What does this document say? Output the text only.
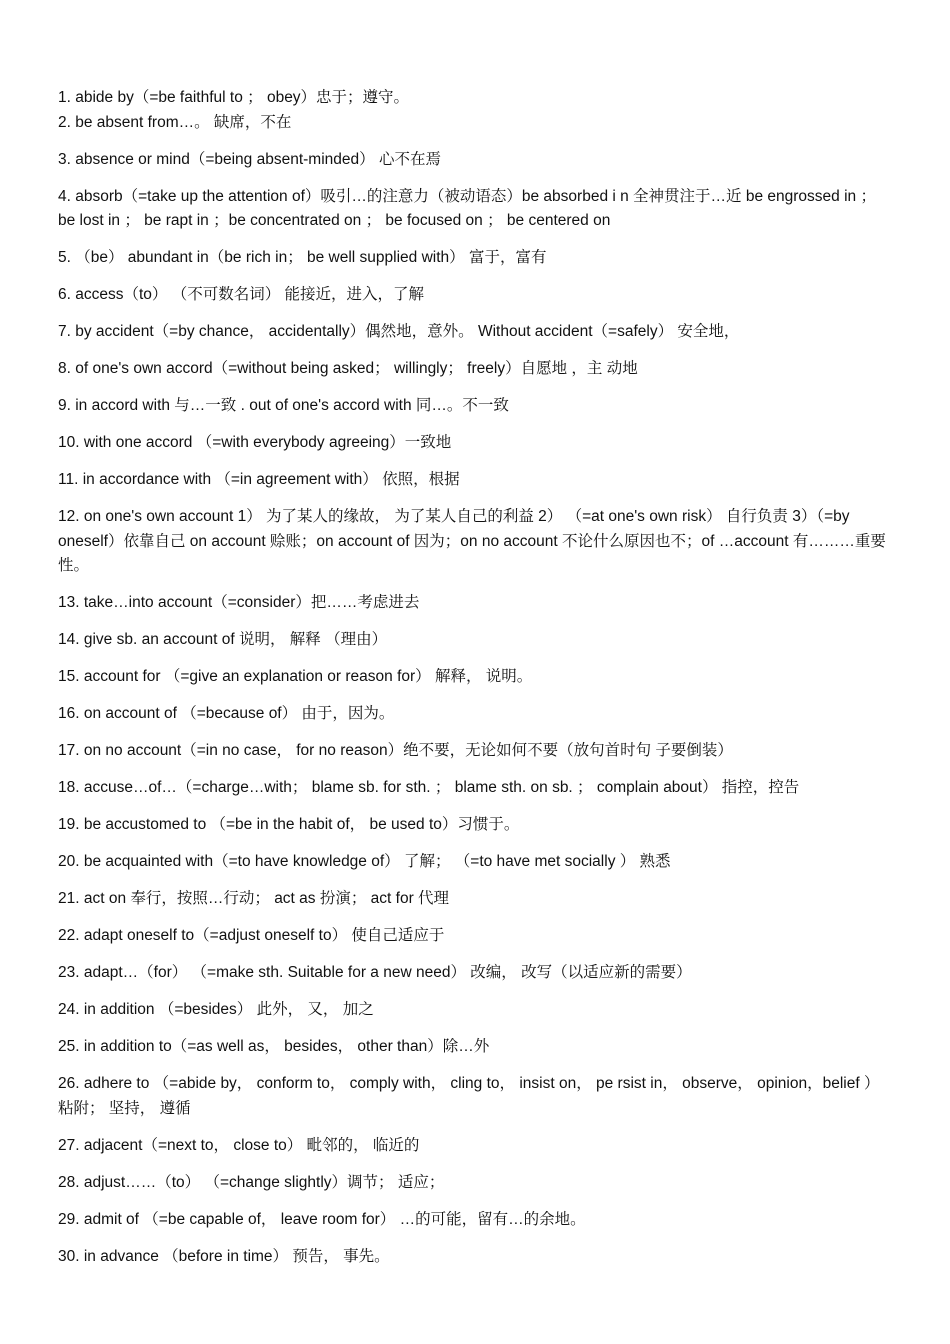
1. abide by（=be faithful to ； obey）忠于；遵守。
2. be absent from…。 缺席，不在
3. absence or mind（=being absent-minded） 心不在焉
4. absorb（=take up the attention of）吸引…的注意力（被动语态）be absorbed i n 全神贯注于…近 be engrossed in ； be lost in ； be rapt in ；be concentrated on ； be focused on ； be centered on
5. （be） abundant in（be rich in； be well supplied with） 富于，富有
6. access（to） （不可数名词） 能接近，进入，了解
7. by accident（=by chance， accidentally）偶然地，意外。 Without accident（=safely） 安全地，
8. of one's own accord（=without being asked； willingly； freely）自愿地 ，主 动地
9. in accord with 与…一致 . out of one's accord with 同…。不一致
10. with one accord （=with everybody agreeing）一致地
11. in accordance with （=in agreement with） 依照，根据
12. on one's own account 1） 为了某人的缘故， 为了某人自己的利益 2） （=at one's own risk） 自行负责 3）（=by oneself）依靠自己 on account 赊账；on account of 因为；on no account 不论什么原因也不；of …account 有………重要性。
13. take…into account（=consider）把……考虑进去
14. give sb. an account of 说明， 解释 （理由）
15. account for （=give an explanation or reason for） 解释， 说明。
16. on account of （=because of） 由于，因为。
17. on no account（=in no case， for no reason）绝不要，无论如何不要（放句首时句 子要倒装）
18. accuse…of…（=charge…with； blame sb. for sth. ； blame sth. on sb. ； complain about） 指控，控告
19. be accustomed to （=be in the habit of， be used to）习惯于。
20. be acquainted with（=to have knowledge of） 了解； （=to have met socially ） 熟悉
21. act on 奉行，按照…行动； act as 扮演； act for 代理
22. adapt oneself to（=adjust oneself to） 使自己适应于
23. adapt…（for） （=make sth. Suitable for a new need） 改编， 改写（以适应新的需要）
24. in addition （=besides） 此外， 又， 加之
25. in addition to（=as well as， besides， other than）除…外
26. adhere to （=abide by， conform to， comply with， cling to， insist on， pe rsist in， observe， opinion，belief ） 粘附； 坚持， 遵循
27. adjacent（=next to， close to） 毗邻的， 临近的
28. adjust……（to） （=change slightly）调节； 适应；
29. admit of （=be capable of， leave room for） …的可能，留有…的余地。
30. in advance （before in time） 预告， 事先。
